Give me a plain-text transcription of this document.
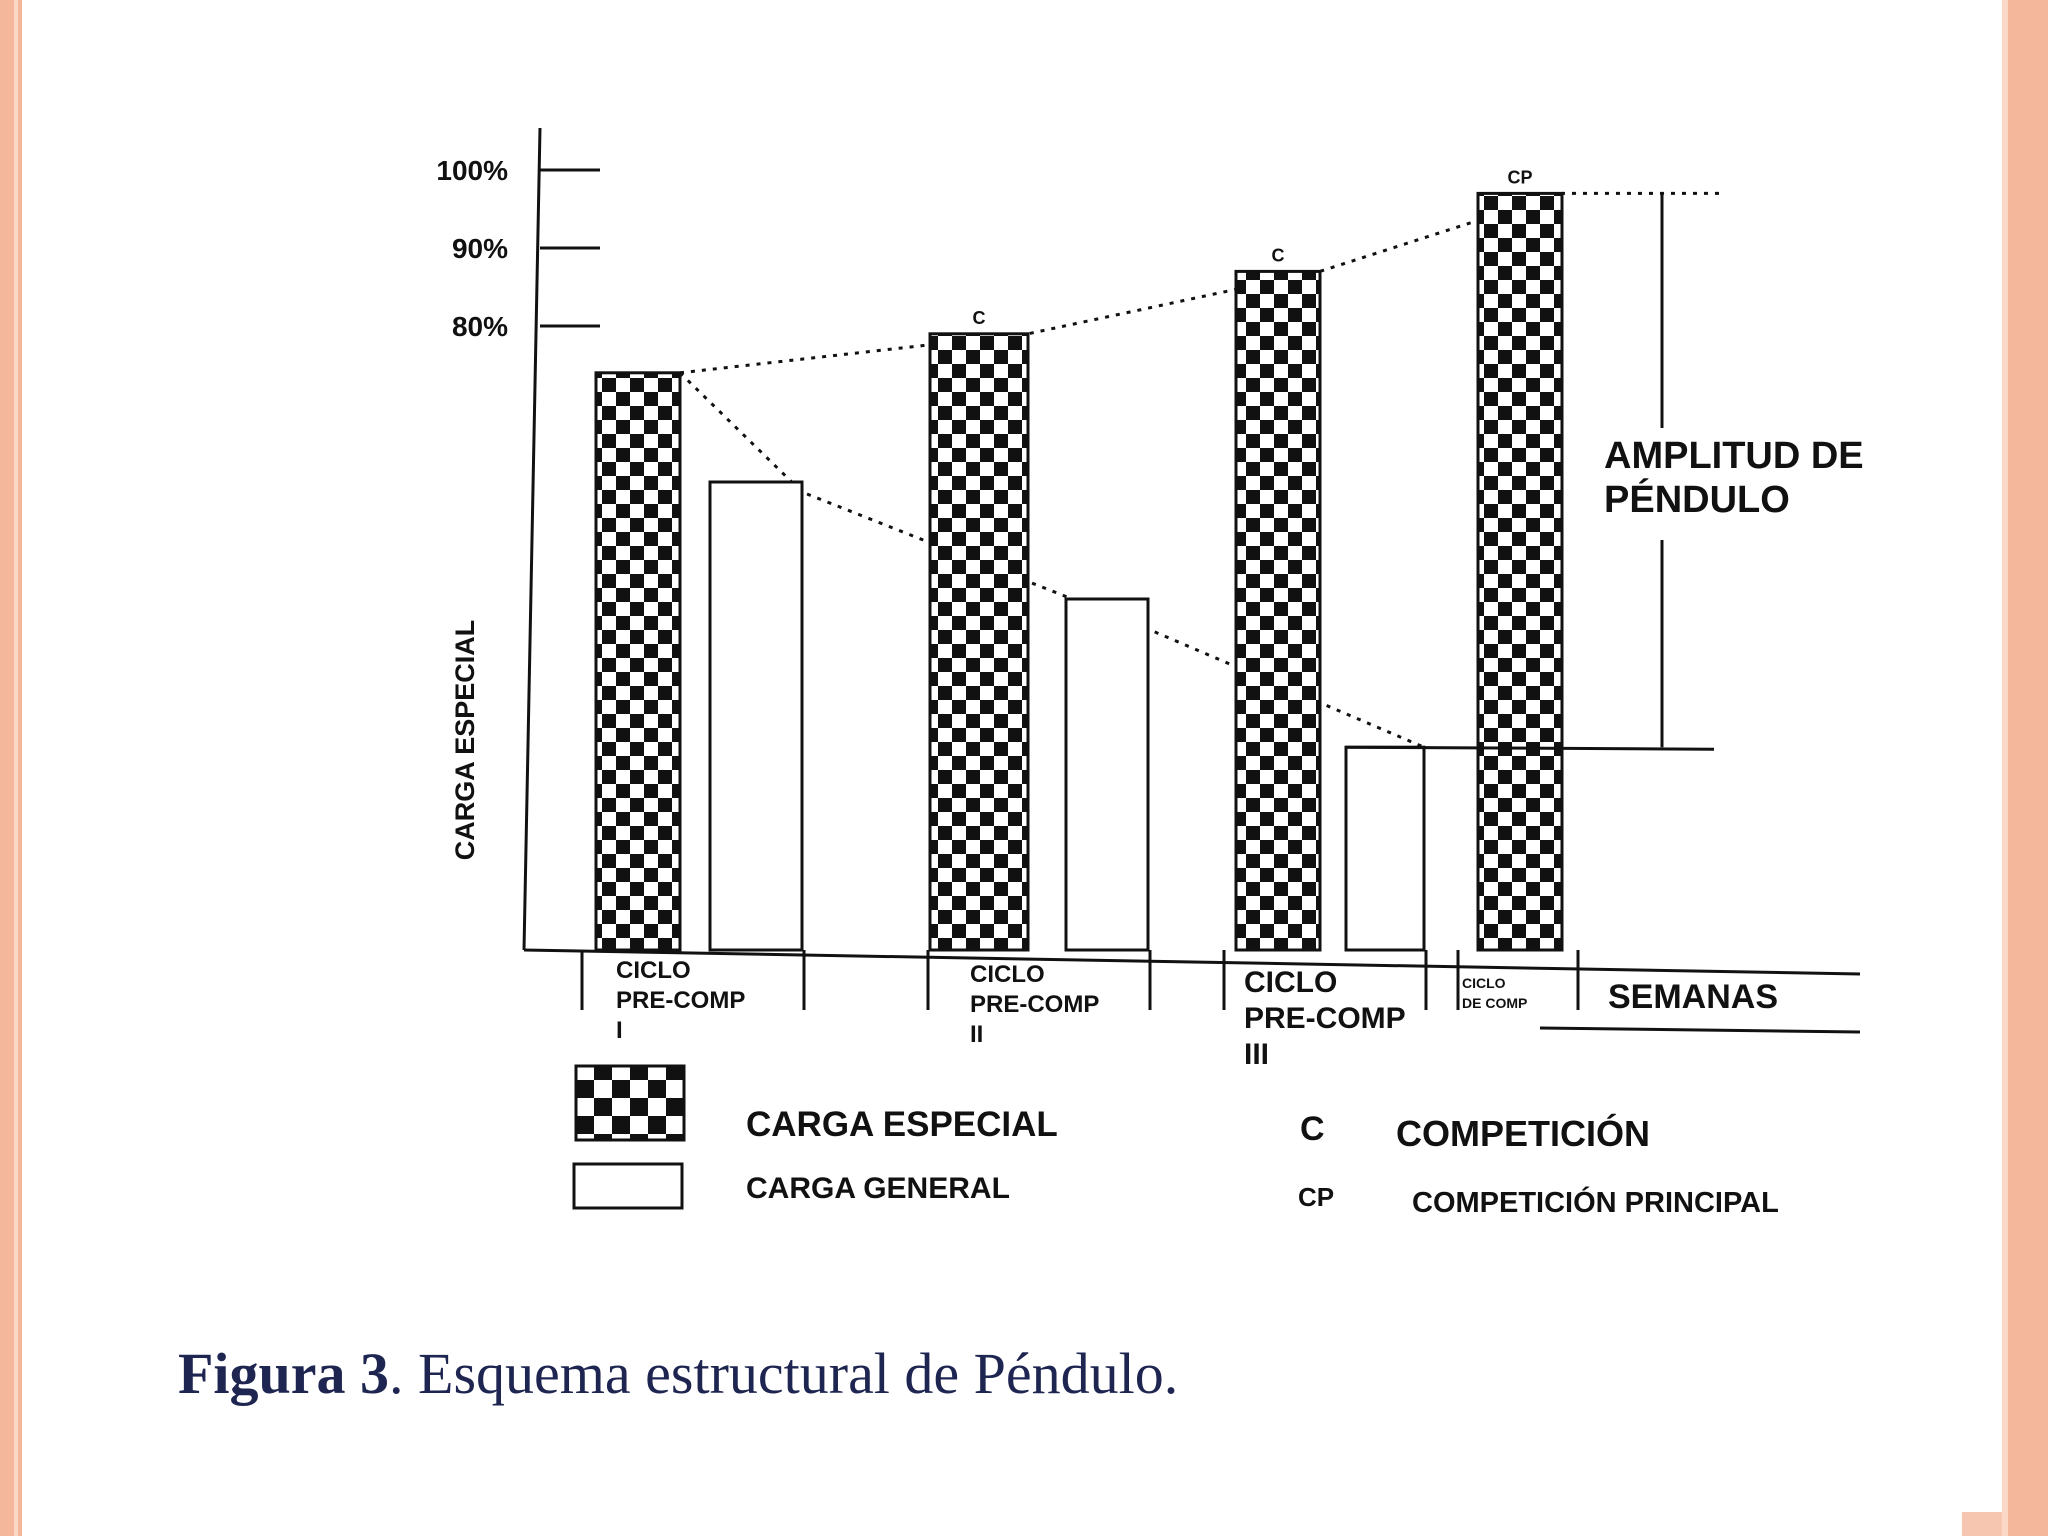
100%
90%
80%	C
C
CP
CICLO
PRE-COMP
I
CICLO
PRE-COMP
II
CICLO
PRE-COMP
III
CICLO
DE COMP
AMPLITUD DE
PÉNDULO
CARGA ESPECIAL
CARGA GENERAL
C COMPETICIÓN
CP	COMPETICIÓN PRINCIPAL
CARGA ESPECIAL
SEMANAS
Figura 3. Esquema estructural de Péndulo.
